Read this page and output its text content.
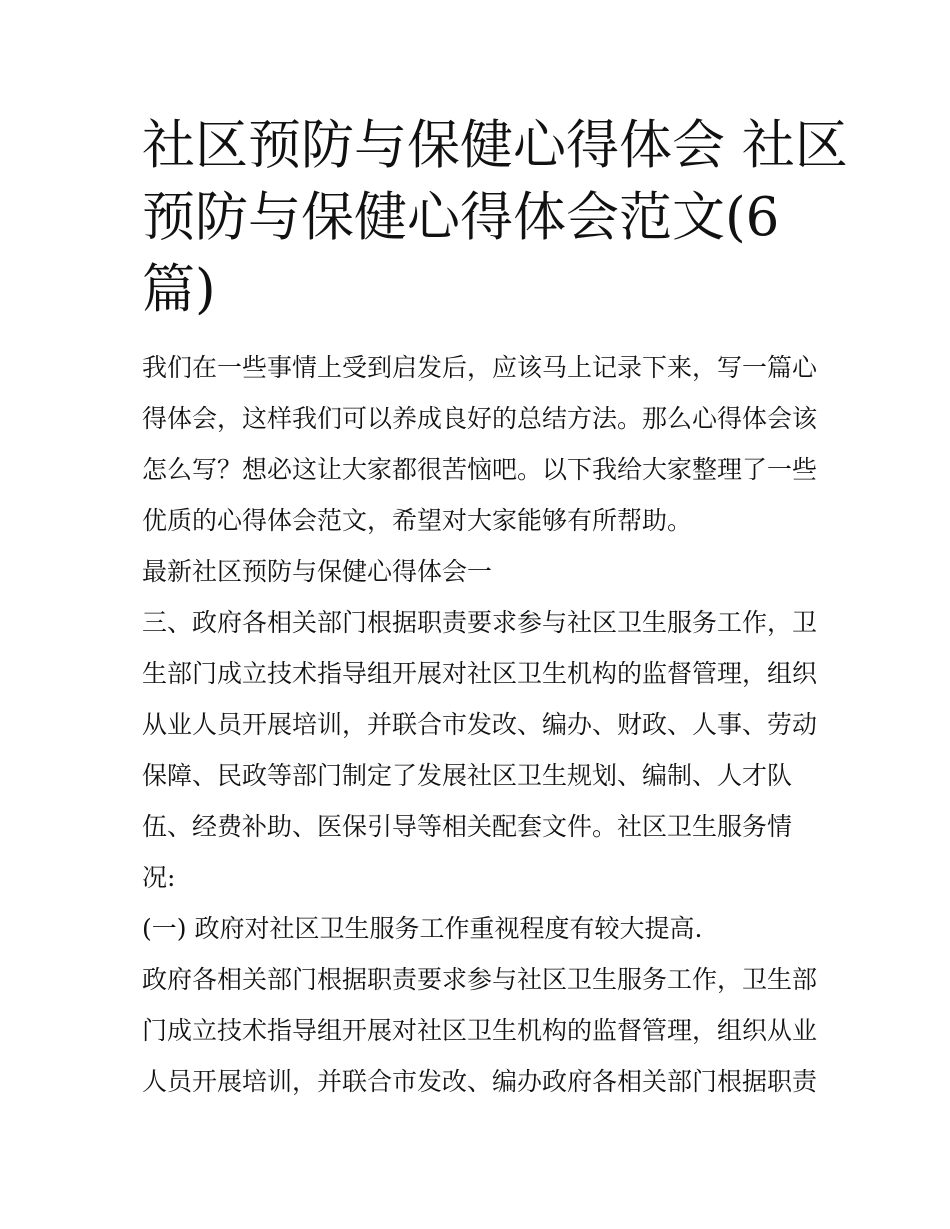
社区预防与保健心得体会 社区
预防与保健心得体会范文(6
篇)

我们在一些事情上受到启发后，应该马上记录下来，写一篇心

得体会，这样我们可以养成良好的总结方法。那么心得体会该

怎么写？想必这让大家都很苦恼吧。以下我给大家整理了一些

优质的心得体会范文，希望对大家能够有所帮助。

最新社区预防与保健心得体会一

三、政府各相关部门根据职责要求参与社区卫生服务工作，卫

生部门成立技术指导组开展对社区卫生机构的监督管理，组织

从业人员开展培训，并联合市发改、编办、财政、人事、劳动

保障、民政等部门制定了发展社区卫生规划、编制、人才队

伍、经费补助、医保引导等相关配套文件。社区卫生服务情

况:

(一) 政府对社区卫生服务工作重视程度有较大提高.

政府各相关部门根据职责要求参与社区卫生服务工作，卫生部

门成立技术指导组开展对社区卫生机构的监督管理，组织从业

人员开展培训，并联合市发改、编办政府各相关部门根据职责
